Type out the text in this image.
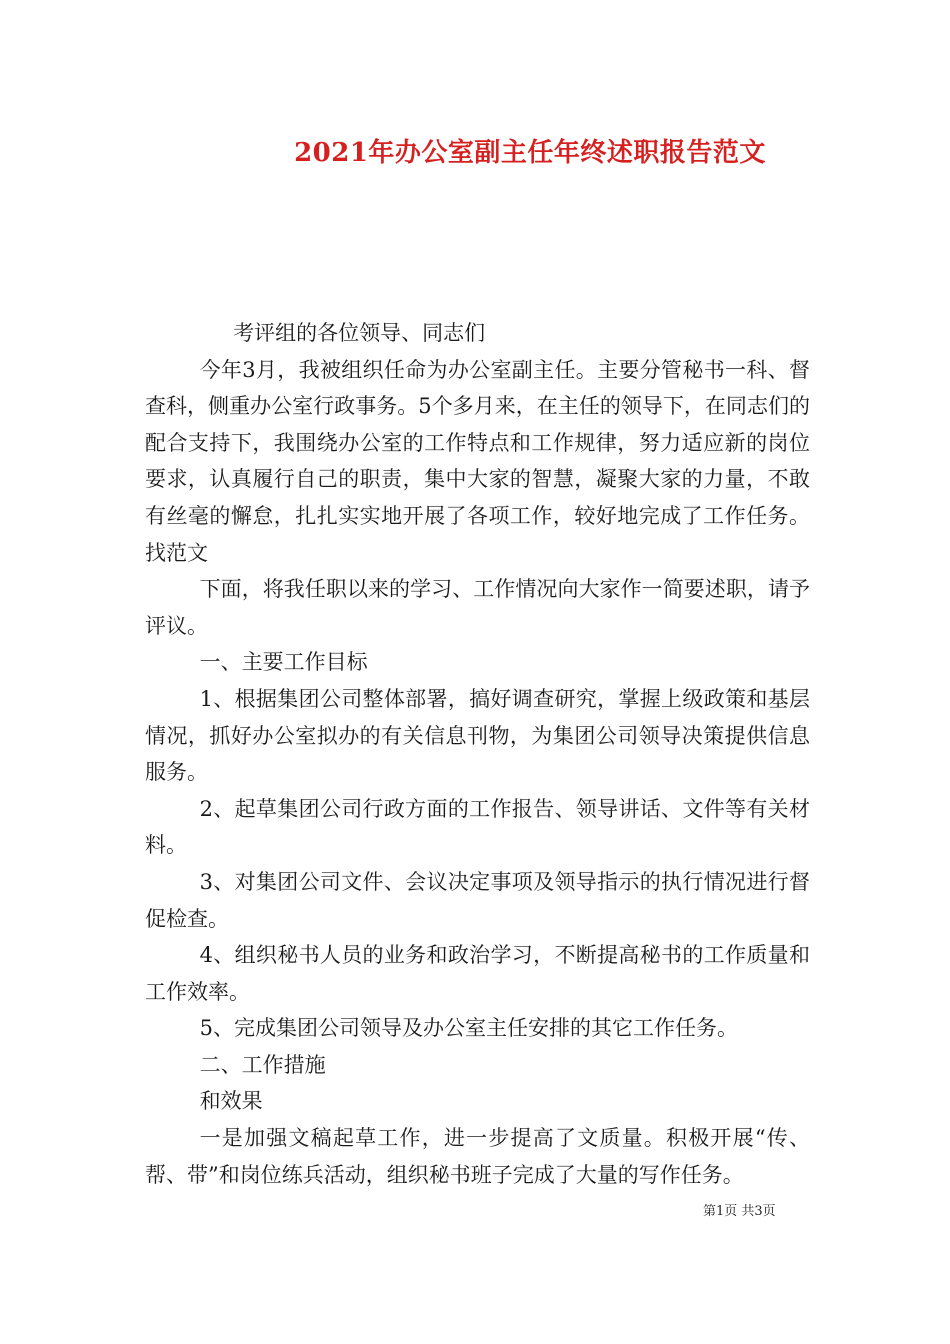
2021年办公室副主任年终述职报告范文

考评组的各位领导、同志们

今年3月，我被组织任命为办公室副主任。主要分管秘书一科、督查科，侧重办公室行政事务。5个多月来，在主任的领导下，在同志们的配合支持下，我围绕办公室的工作特点和工作规律，努力适应新的岗位要求，认真履行自己的职责，集中大家的智慧，凝聚大家的力量，不敢有丝毫的懈怠，扎扎实实地开展了各项工作，较好地完成了工作任务。找范文

下面，将我任职以来的学习、工作情况向大家作一简要述职，请予评议。

一、主要工作目标

1、根据集团公司整体部署，搞好调查研究，掌握上级政策和基层情况，抓好办公室拟办的有关信息刊物，为集团公司领导决策提供信息服务。

2、起草集团公司行政方面的工作报告、领导讲话、文件等有关材料。

3、对集团公司文件、会议决定事项及领导指示的执行情况进行督促检查。

4、组织秘书人员的业务和政治学习，不断提高秘书的工作质量和工作效率。

5、完成集团公司领导及办公室主任安排的其它工作任务。

二、工作措施

和效果

一是加强文稿起草工作，进一步提高了文质量。积极开展“传、帮、带”和岗位练兵活动，组织秘书班子完成了大量的写作任务。

第1页 共3页
